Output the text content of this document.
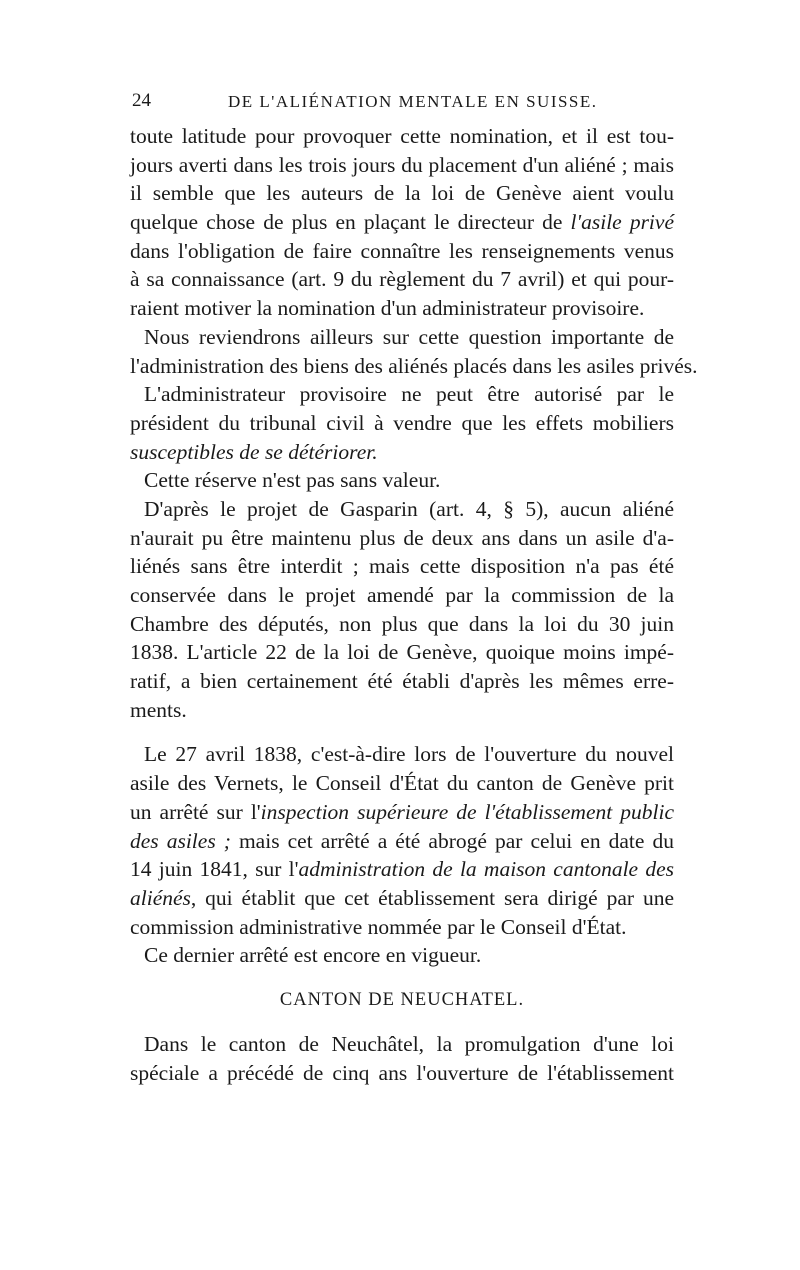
24	DE L'ALIÉNATION MENTALE EN SUISSE.
toute latitude pour provoquer cette nomination, et il est tou-
jours averti dans les trois jours du placement d'un aliéné ; mais
il semble que les auteurs de la loi de Genève aient voulu
quelque chose de plus en plaçant le directeur de l'asile privé
dans l'obligation de faire connaître les renseignements venus
à sa connaissance (art. 9 du règlement du 7 avril) et qui pour-
raient motiver la nomination d'un administrateur provisoire.
Nous reviendrons ailleurs sur cette question importante de
l'administration des biens des aliénés placés dans les asiles privés.
L'administrateur provisoire ne peut être autorisé par le
président du tribunal civil à vendre que les effets mobiliers
susceptibles de se détériorer.
Cette réserve n'est pas sans valeur.
D'après le projet de Gasparin (art. 4, § 5), aucun aliéné
n'aurait pu être maintenu plus de deux ans dans un asile d'a-
liénés sans être interdit ; mais cette disposition n'a pas été
conservée dans le projet amendé par la commission de la
Chambre des députés, non plus que dans la loi du 30 juin
1838. L'article 22 de la loi de Genève, quoique moins impé-
ratif, a bien certainement été établi d'après les mêmes erre-
ments.
Le 27 avril 1838, c'est-à-dire lors de l'ouverture du nouvel
asile des Vernets, le Conseil d'État du canton de Genève prit
un arrêté sur l'inspection supérieure de l'établissement public
des asiles ; mais cet arrêté a été abrogé par celui en date du
14 juin 1841, sur l'administration de la maison cantonale des
aliénés, qui établit que cet établissement sera dirigé par une
commission administrative nommée par le Conseil d'État.
Ce dernier arrêté est encore en vigueur.
CANTON DE NEUCHATEL.
Dans le canton de Neuchâtel, la promulgation d'une loi
spéciale a précédé de cinq ans l'ouverture de l'établissement
